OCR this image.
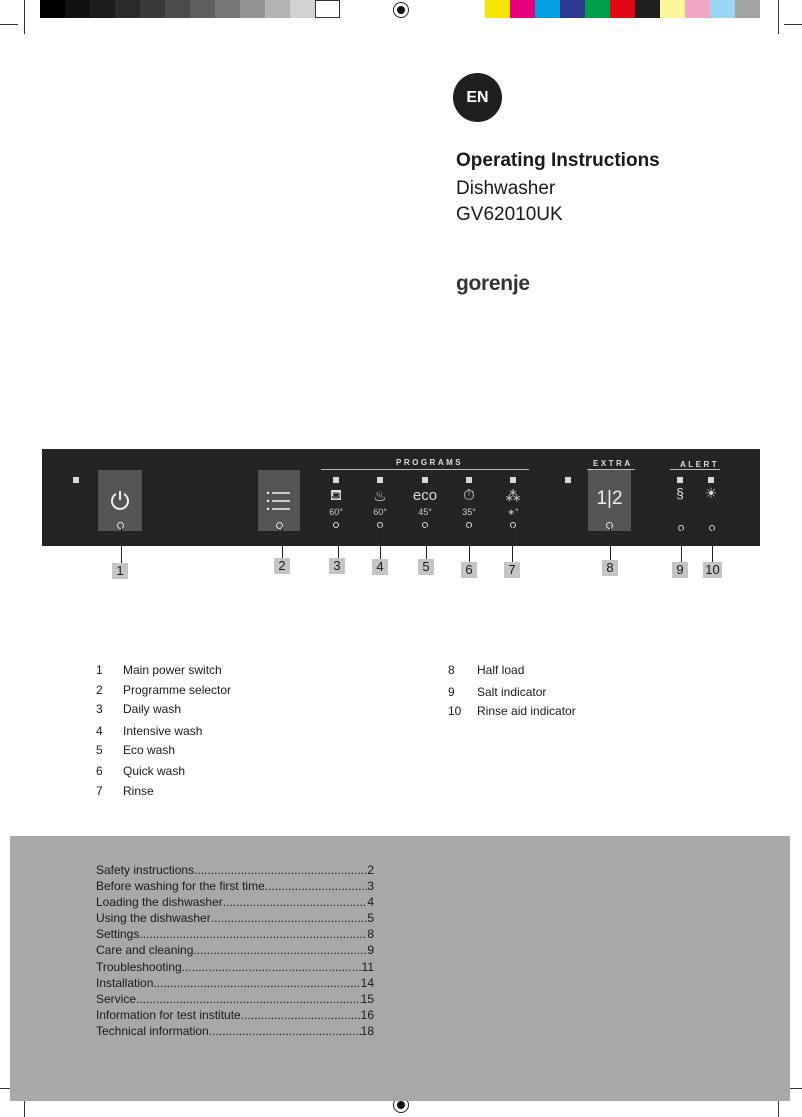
EN
Operating Instructions
Dishwasher
GV62010UK
gorenje
PROGRAMS
⛾
60°
♨
60°
eco
45°
⏱
35°
⁂
∗°
EXTRA
1|2
ALERT
§ ☀
1	2	3	4	5	6	7	8	9	10
1 Main power switch
2 Programme selector
3 Daily wash
4 Intensive wash
5 Eco wash
6 Quick wash
7 Rinse
8 Half load
9 Salt indicator
10 Rinse aid indicator
Safety instructions .....	2
Before washing for the first time .....	3
Loading the dishwasher .....	4
Using the dishwasher .....	5
Settings .....	8
Care and cleaning .....	9
Troubleshooting .....	11
Installation .....	14
Service .....	15
Information for test institute .....	16
Technical information .....	18
